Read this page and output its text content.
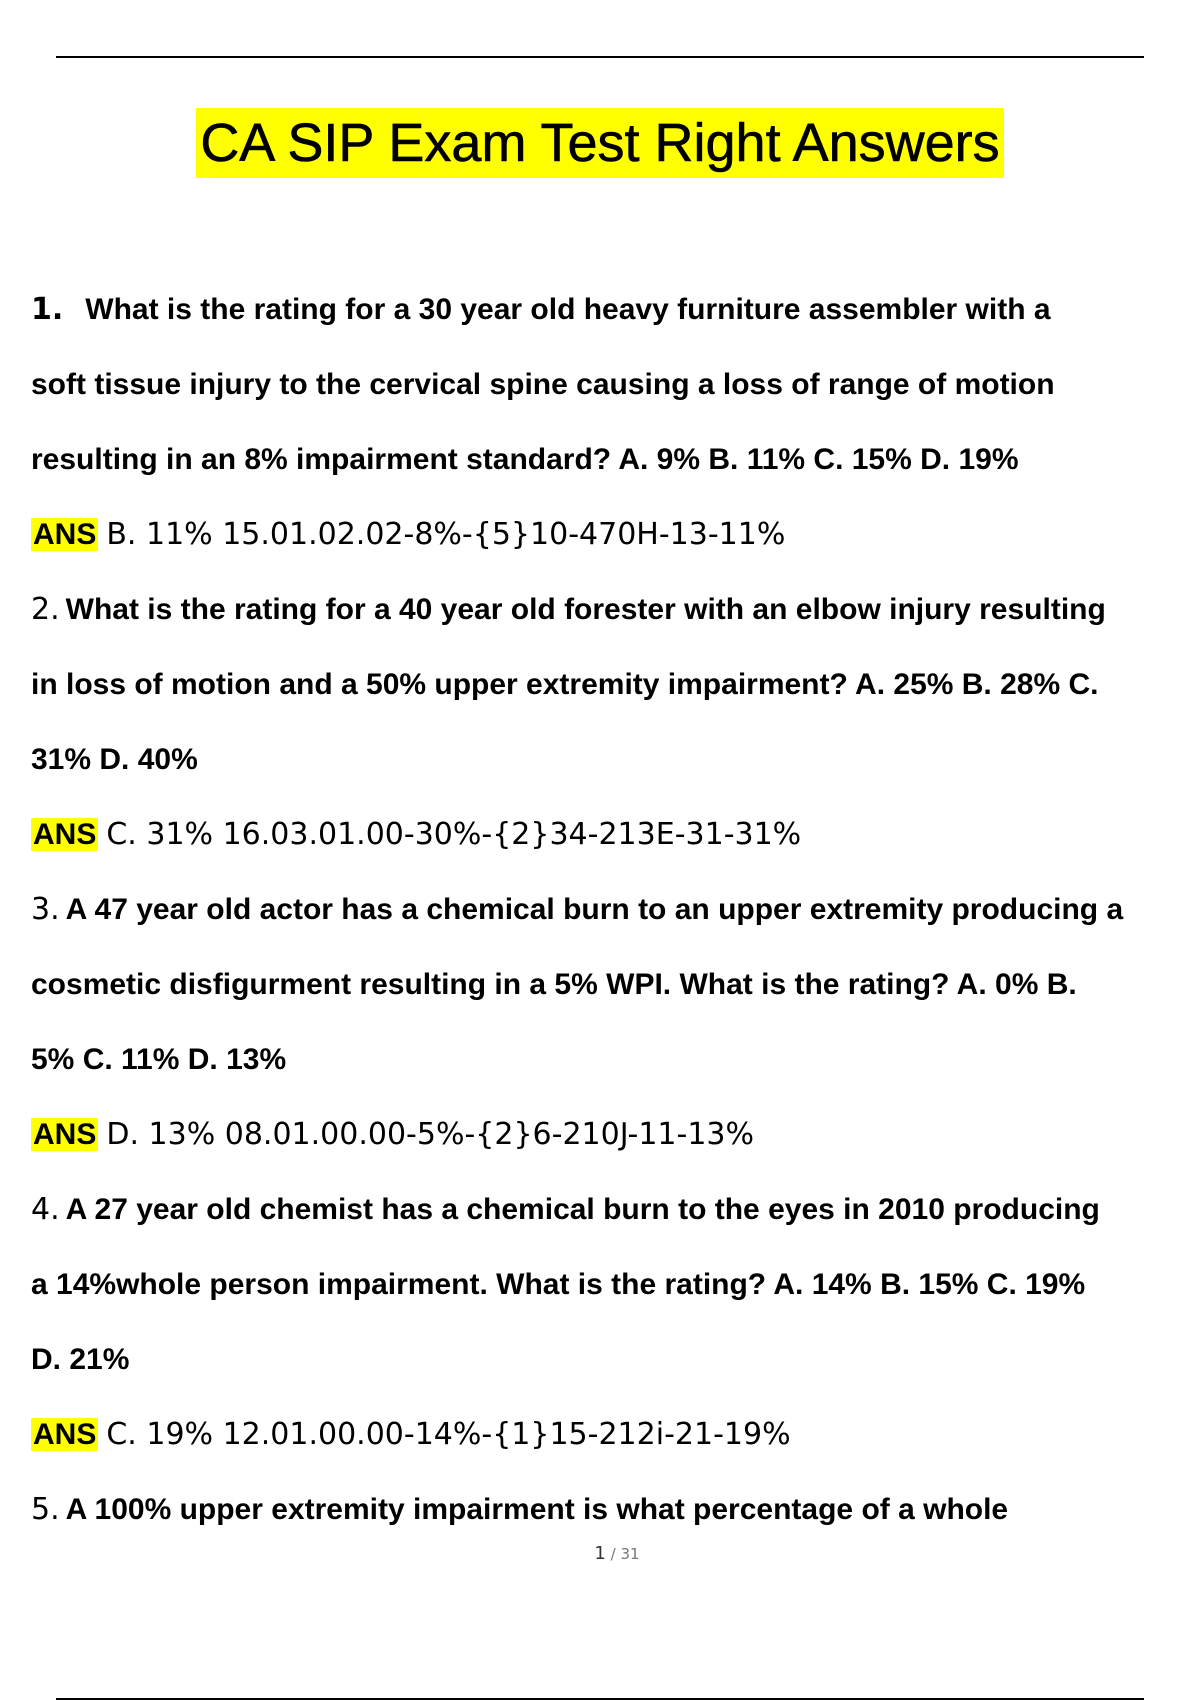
CA SIP Exam Test Right Answers

1. What is the rating for a 30 year old heavy furniture assembler with a
soft tissue injury to the cervical spine causing a loss of range of motion
resulting in an 8% impairment standard? A. 9% B. 11% C. 15% D. 19%

ANS B. 11% 15.01.02.02-8%-{5}10-470H-13-11%

2. What is the rating for a 40 year old forester with an elbow injury resulting
in loss of motion and a 50% upper extremity impairment? A. 25% B. 28% C.
31% D. 40%

ANS C. 31% 16.03.01.00-30%-{2}34-213E-31-31%

3. A 47 year old actor has a chemical burn to an upper extremity producing a
cosmetic disfigurment resulting in a 5% WPI. What is the rating? A. 0% B.
5% C. 11% D. 13%

ANS D. 13% 08.01.00.00-5%-{2}6-210J-11-13%

4. A 27 year old chemist has a chemical burn to the eyes in 2010 producing
a 14%whole person impairment. What is the rating? A. 14% B. 15% C. 19%
D. 21%

ANS C. 19% 12.01.00.00-14%-{1}15-212i-21-19%

5. A 100% upper extremity impairment is what percentage of a whole

1 / 31
